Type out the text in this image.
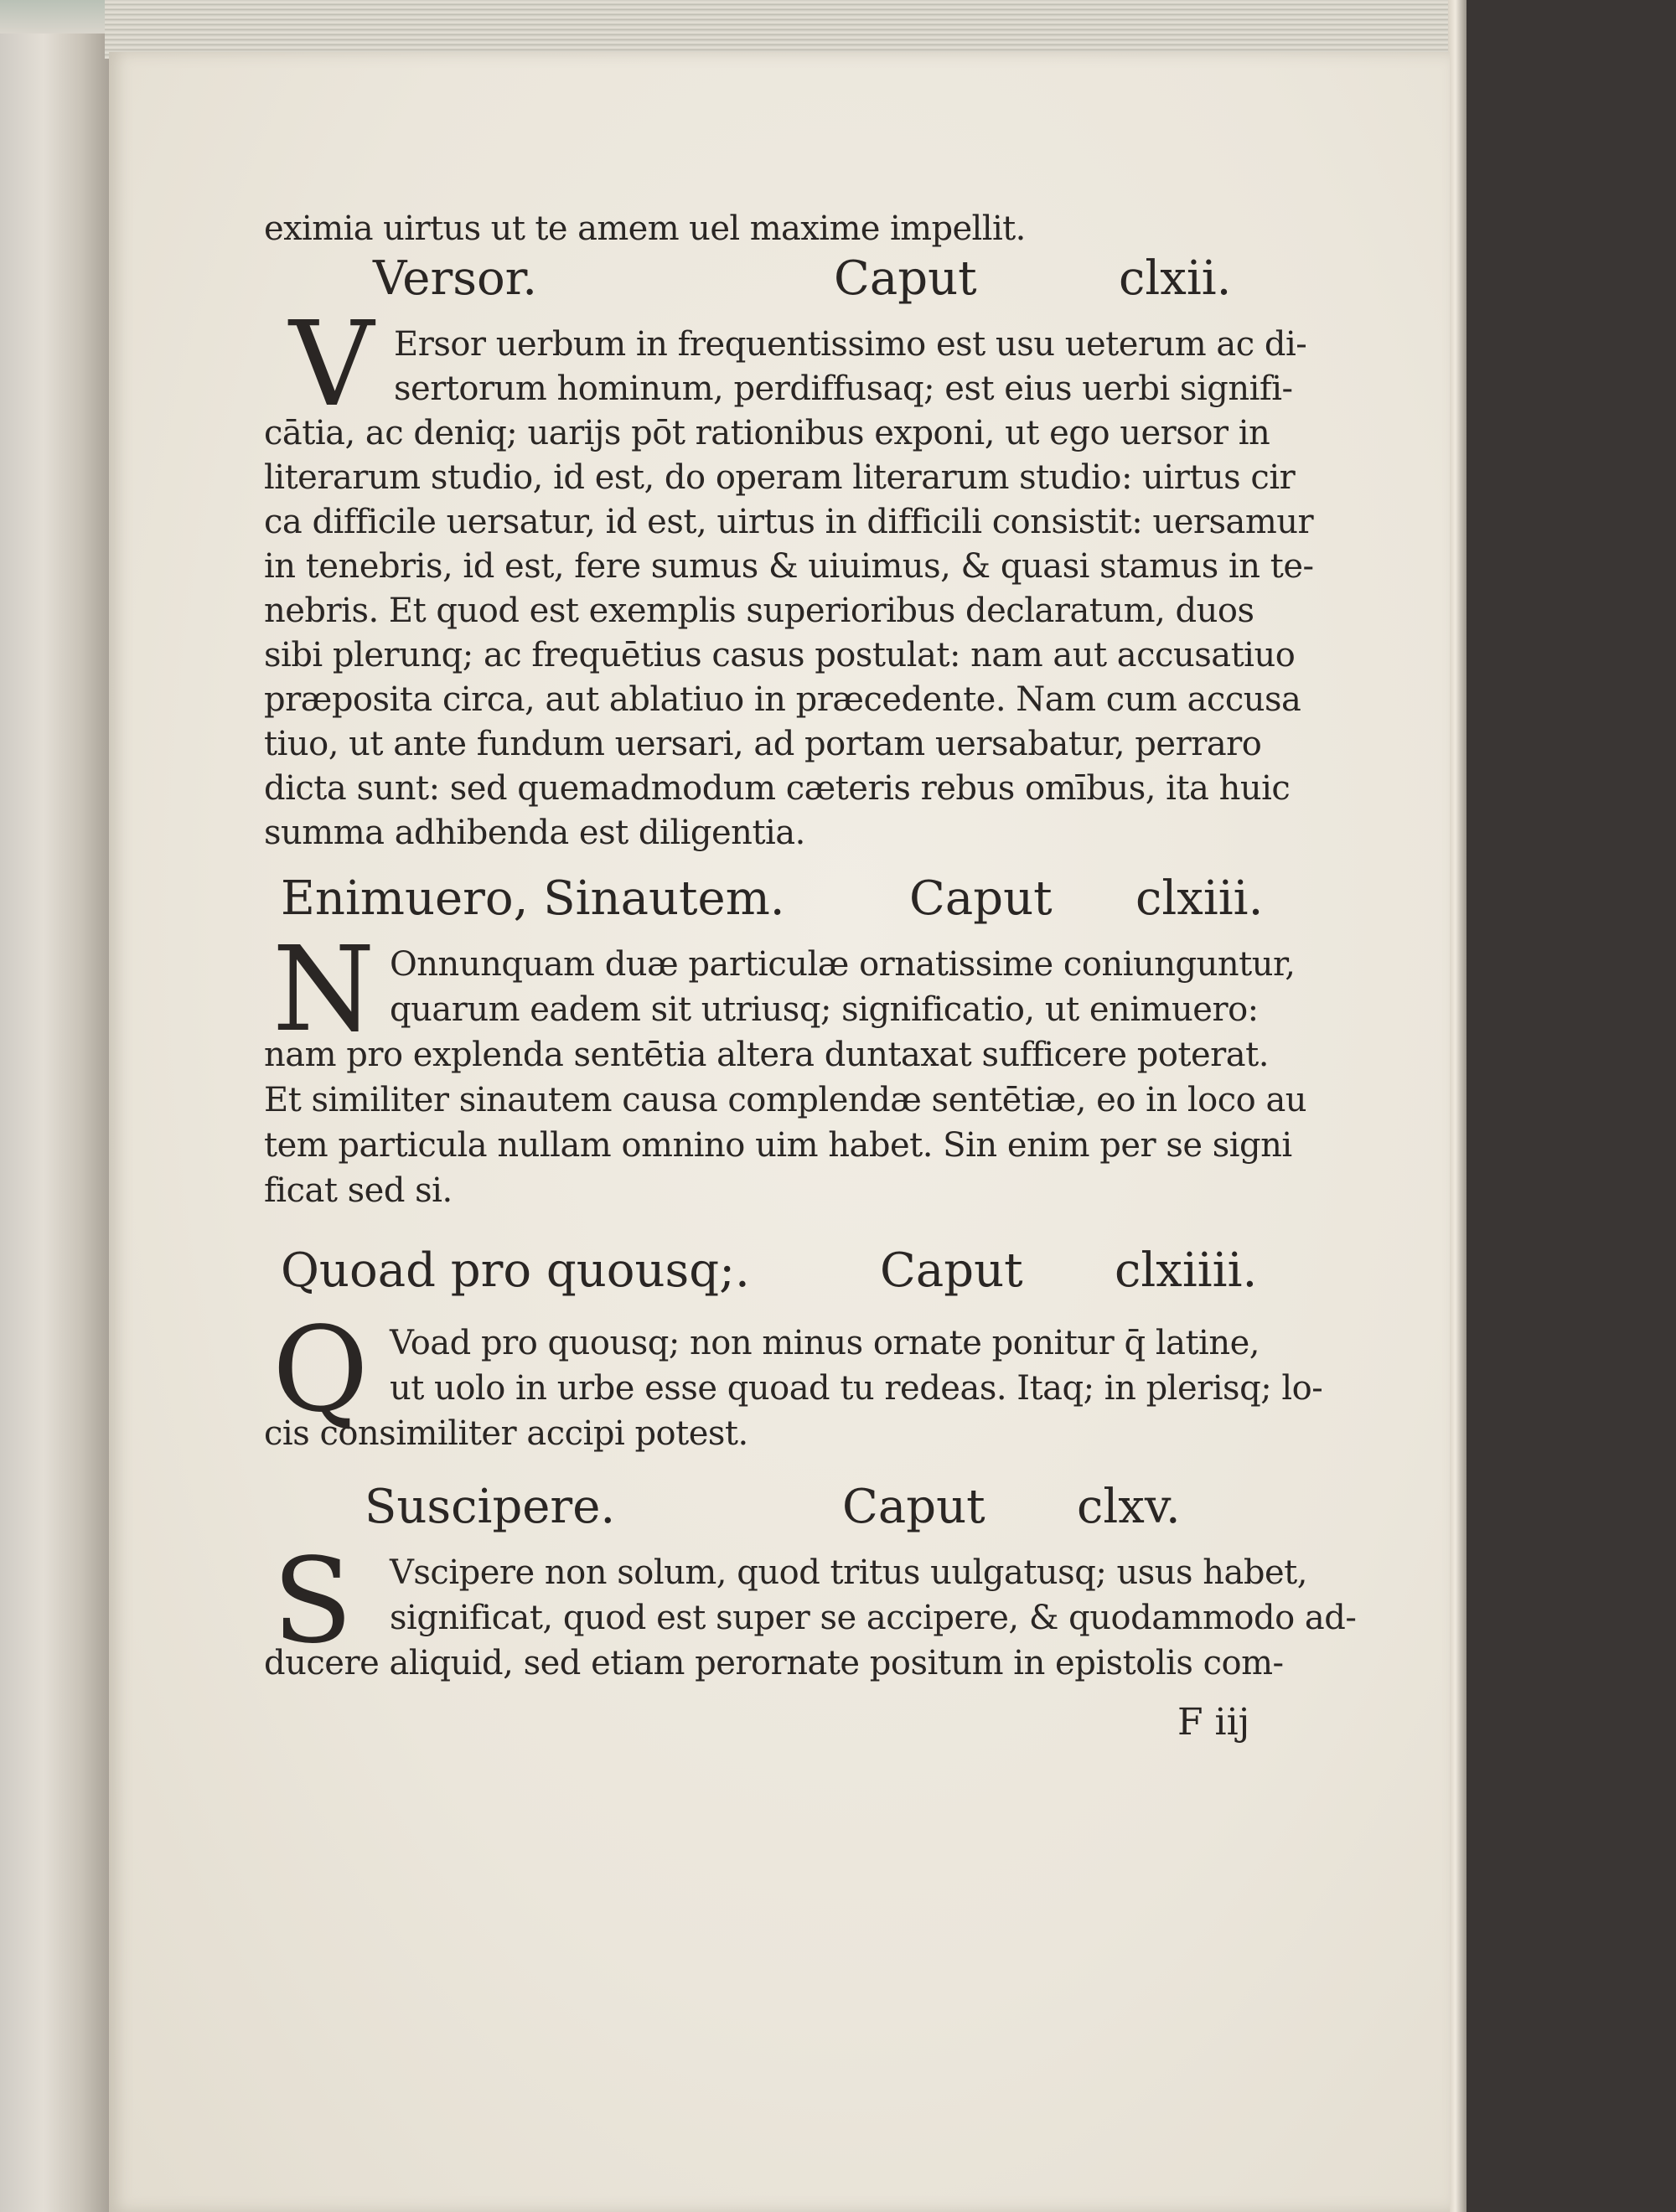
eximia uirtus ut te amem uel maxime impellit.
Versor.	Caput	clxii.
V Ersor uerbum in frequentissimo est usu ueterum ac di-
sertorum hominum, perdiffusaq; est eius uerbi signifi-
cātia, ac deniq; uarijs pōt rationibus exponi, ut ego uersor in
literarum studio, id est, do operam literarum studio: uirtus cir
ca difficile uersatur, id est, uirtus in difficili consistit: uersamur
in tenebris, id est, fere sumus & uiuimus, & quasi stamus in te-
nebris. Et quod est exemplis superioribus declaratum, duos
sibi plerunq; ac frequētius casus postulat: nam aut accusatiuo
præposita circa, aut ablatiuo in præcedente. Nam cum accusa
tiuo, ut ante fundum uersari, ad portam uersabatur, perraro
dicta sunt: sed quemadmodum cæteris rebus omībus, ita huic
summa adhibenda est diligentia.
Enimuero, Sinautem.	Caput clxiii.
N Onnunquam duæ particulæ ornatissime coniunguntur,
quarum eadem sit utriusq; significatio, ut enimuero:
nam pro explenda sentētia altera duntaxat sufficere poterat.
Et similiter sinautem causa complendæ sentētiæ, eo in loco au
tem particula nullam omnino uim habet. Sin enim per se signi
ficat sed si.
Quoad pro quousq;.	Caput clxiiii.
Q Voad pro quousq; non minus ornate ponitur q̄ latine,
ut uolo in urbe esse quoad tu redeas. Itaq; in plerisq; lo-
cis consimiliter accipi potest.
Suscipere.	Caput clxv.
S Vscipere non solum, quod tritus uulgatusq; usus habet,
significat, quod est super se accipere, & quodammodo ad-
ducere aliquid, sed etiam perornate positum in epistolis com-
F iij
